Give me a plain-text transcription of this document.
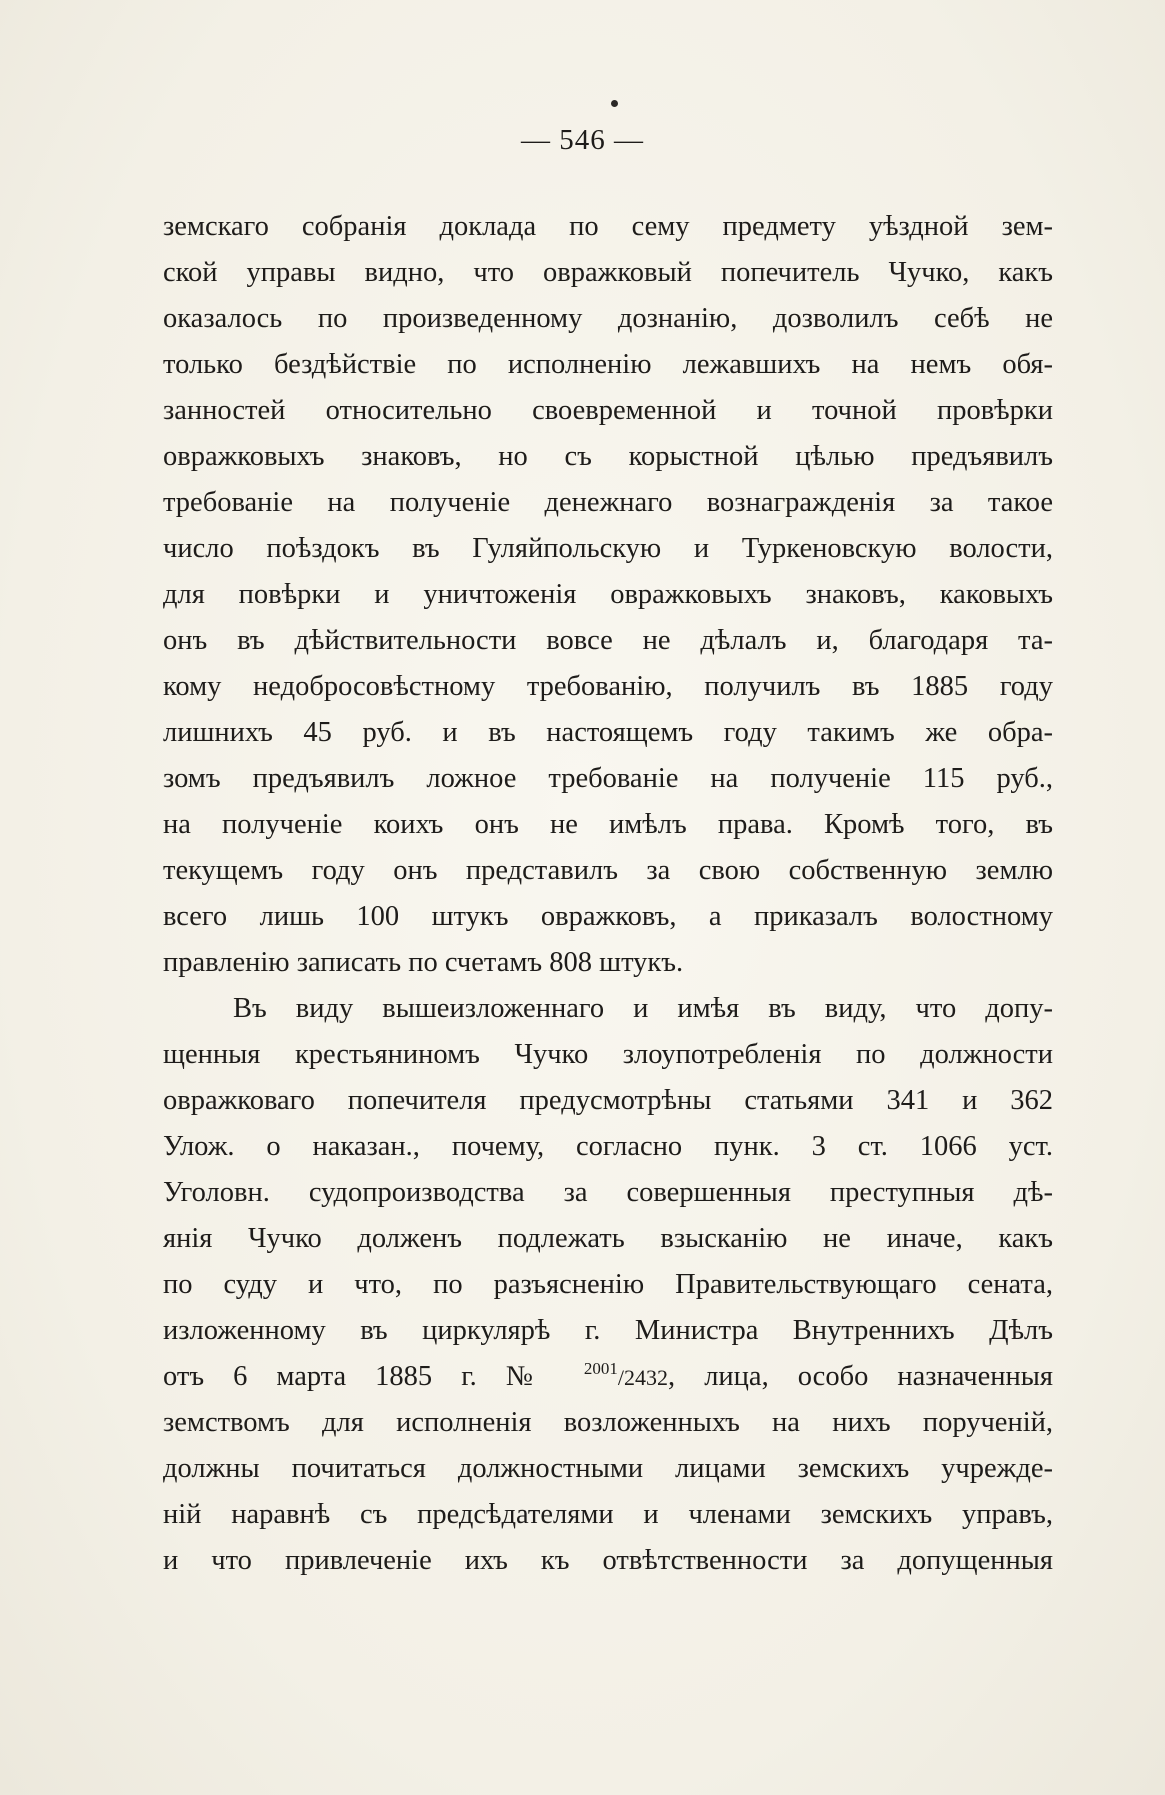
— 546 —
земскаго собранія доклада по сему предмету уѣздной зем-
ской управы видно, что овражковый попечитель Чучко, какъ
оказалось по произведенному дознанію, дозволилъ себѣ не
только бездѣйствіе по исполненію лежавшихъ на немъ обя-
занностей относительно своевременной и точной провѣрки
овражковыхъ знаковъ, но съ корыстной цѣлью предъявилъ
требованіе на полученіе денежнаго вознагражденія за такое
число поѣздокъ въ Гуляйпольскую и Туркеновскую волости,
для повѣрки и уничтоженія овражковыхъ знаковъ, каковыхъ
онъ въ дѣйствительности вовсе не дѣлалъ и, благодаря та-
кому недобросовѣстному требованію, получилъ въ 1885 году
лишнихъ 45 руб. и въ настоящемъ году такимъ же обра-
зомъ предъявилъ ложное требованіе на полученіе 115 руб.,
на полученіе коихъ онъ не имѣлъ права. Кромѣ того, въ
текущемъ году онъ представилъ за свою собственную землю
всего лишь 100 штукъ овражковъ, а приказалъ волостному
правленію записать по счетамъ 808 штукъ.
Въ виду вышеизложеннаго и имѣя въ виду, что допу-
щенныя крестьяниномъ Чучко злоупотребленія по должности
овражковаго попечителя предусмотрѣны статьями 341 и 362
Улож. о наказан., почему, согласно пунк. 3 ст. 1066 уст.
Уголовн. судопроизводства за совершенныя преступныя дѣ-
янія Чучко долженъ подлежать взысканію не иначе, какъ
по суду и что, по разъясненію Правительствующаго сената,
изложенному въ циркулярѣ г. Министра Внутреннихъ Дѣлъ
отъ 6 марта 1885 г. № $^{2001}$/2432, лица, особо назначенныя
земствомъ для исполненія возложенныхъ на нихъ порученій,
должны почитаться должностными лицами земскихъ учрежде-
ній наравнѣ съ предсѣдателями и членами земскихъ управъ,
и что привлеченіе ихъ къ отвѣтственности за допущенныя
